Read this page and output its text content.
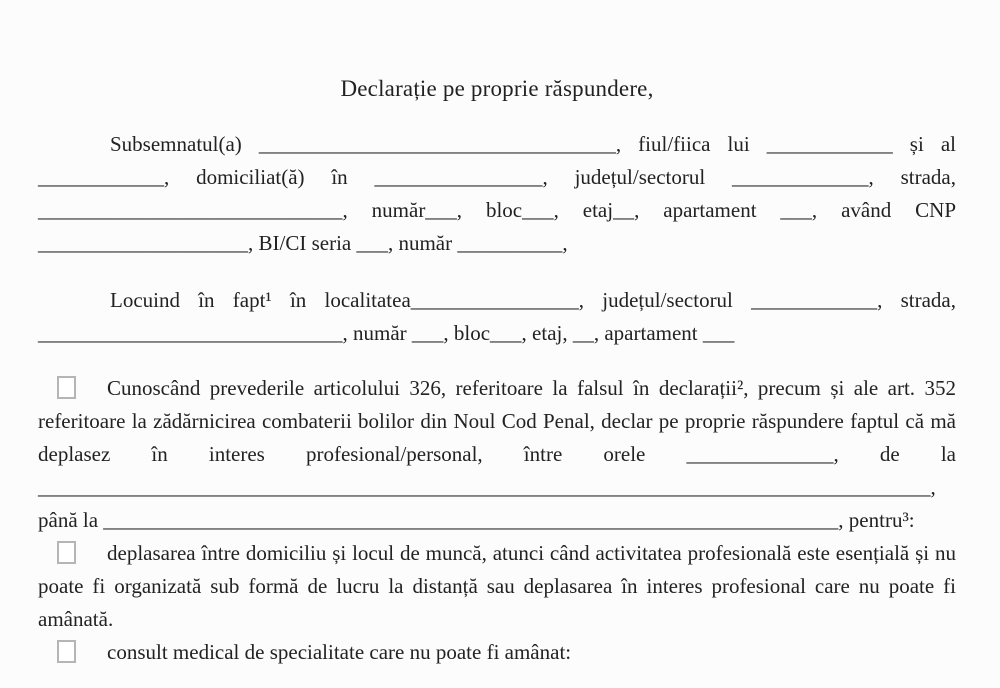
Declarație pe proprie răspundere,

Subsemnatul(a) __________________________________, fiul/fiica lui ____________ și al ____________, domiciliat(ă) în ________________, județul/sectorul _____________, strada, _____________________________, număr___, bloc___, etaj__, apartament ___, având CNP ____________________, BI/CI seria ___, număr __________,

Locuind în fapt¹ în localitatea________________, județul/sectorul ____________, strada, _____________________________, număr ___, bloc___, etaj, __, apartament ___

Cunoscând prevederile articolului 326, referitoare la falsul în declarații², precum și ale art. 352 referitoare la zădărnicirea combaterii bolilor din Noul Cod Penal, declar pe proprie răspundere faptul că mă deplasez în interes profesional/personal, între orele ______________, de la _____________________________________________________________________________________, până la ______________________________________________________________________, pentru³:

deplasarea între domiciliu și locul de muncă, atunci când activitatea profesională este esențială și nu poate fi organizată sub formă de lucru la distanță sau deplasarea în interes profesional care nu poate fi amânată.

consult medical de specialitate care nu poate fi amânat:
